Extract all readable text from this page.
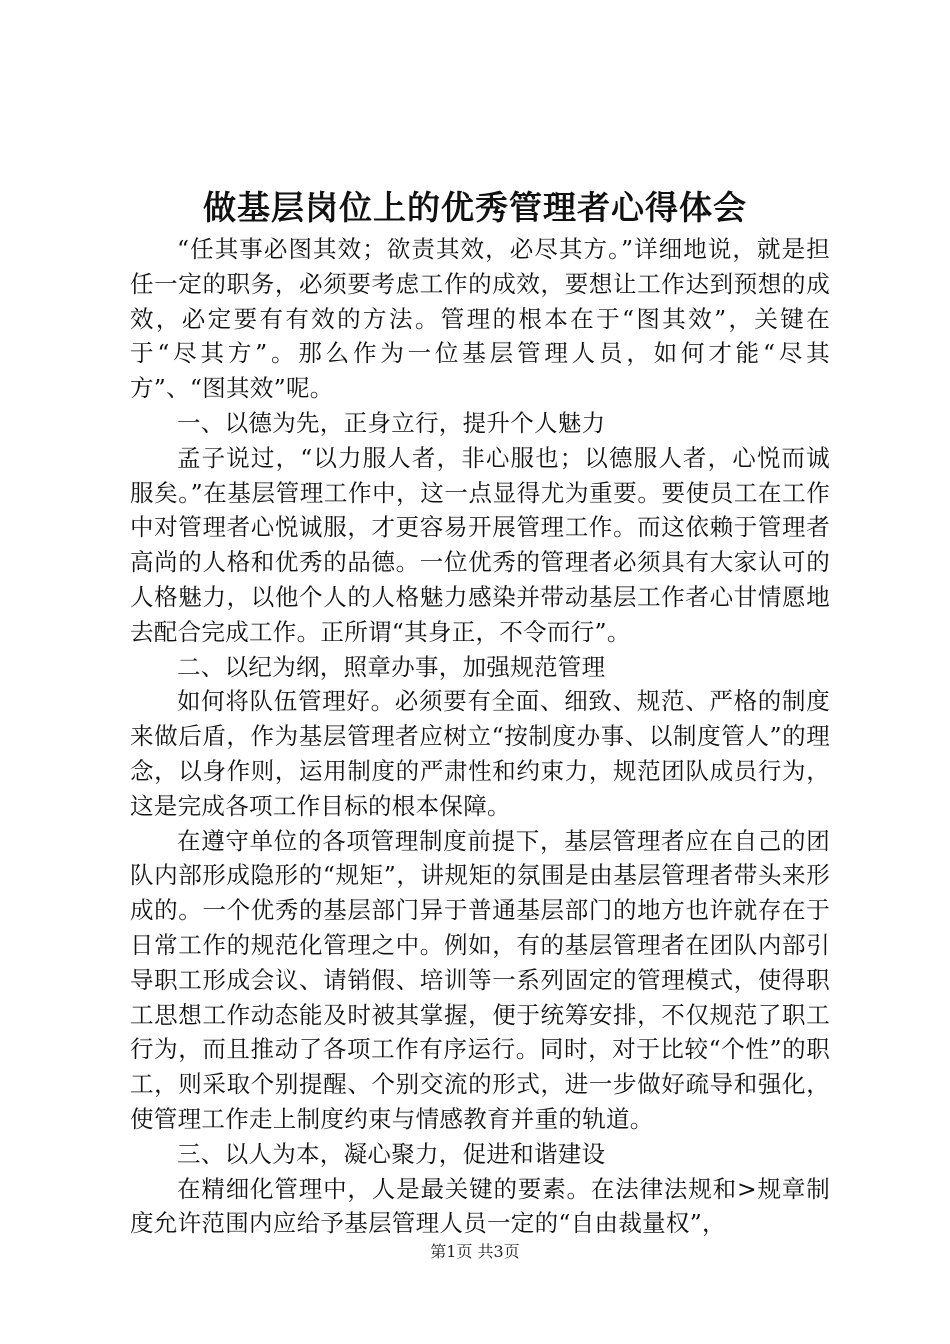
做基层岗位上的优秀管理者心得体会

“任其事必图其效；欲责其效，必尽其方。”详细地说，就是担任一定的职务，必须要考虑工作的成效，要想让工作达到预想的成效，必定要有有效的方法。管理的根本在于“图其效”，关键在于“尽其方”。那么作为一位基层管理人员，如何才能“尽其方”、“图其效”呢。

一、以德为先，正身立行，提升个人魅力

孟子说过，“以力服人者，非心服也；以德服人者，心悦而诚服矣。”在基层管理工作中，这一点显得尤为重要。要使员工在工作中对管理者心悦诚服，才更容易开展管理工作。而这依赖于管理者高尚的人格和优秀的品德。一位优秀的管理者必须具有大家认可的人格魅力，以他个人的人格魅力感染并带动基层工作者心甘情愿地去配合完成工作。正所谓“其身正，不令而行”。

二、以纪为纲，照章办事，加强规范管理

如何将队伍管理好。必须要有全面、细致、规范、严格的制度来做后盾，作为基层管理者应树立“按制度办事、以制度管人”的理念，以身作则，运用制度的严肃性和约束力，规范团队成员行为，这是完成各项工作目标的根本保障。

在遵守单位的各项管理制度前提下，基层管理者应在自己的团队内部形成隐形的“规矩”，讲规矩的氛围是由基层管理者带头来形成的。一个优秀的基层部门异于普通基层部门的地方也许就存在于日常工作的规范化管理之中。例如，有的基层管理者在团队内部引导职工形成会议、请销假、培训等一系列固定的管理模式，使得职工思想工作动态能及时被其掌握，便于统筹安排，不仅规范了职工行为，而且推动了各项工作有序运行。同时，对于比较“个性”的职工，则采取个别提醒、个别交流的形式，进一步做好疏导和强化，使管理工作走上制度约束与情感教育并重的轨道。

三、以人为本，凝心聚力，促进和谐建设

在精细化管理中，人是最关键的要素。在法律法规和>规章制度允许范围内应给予基层管理人员一定的“自由裁量权”，

第1页 共3页
